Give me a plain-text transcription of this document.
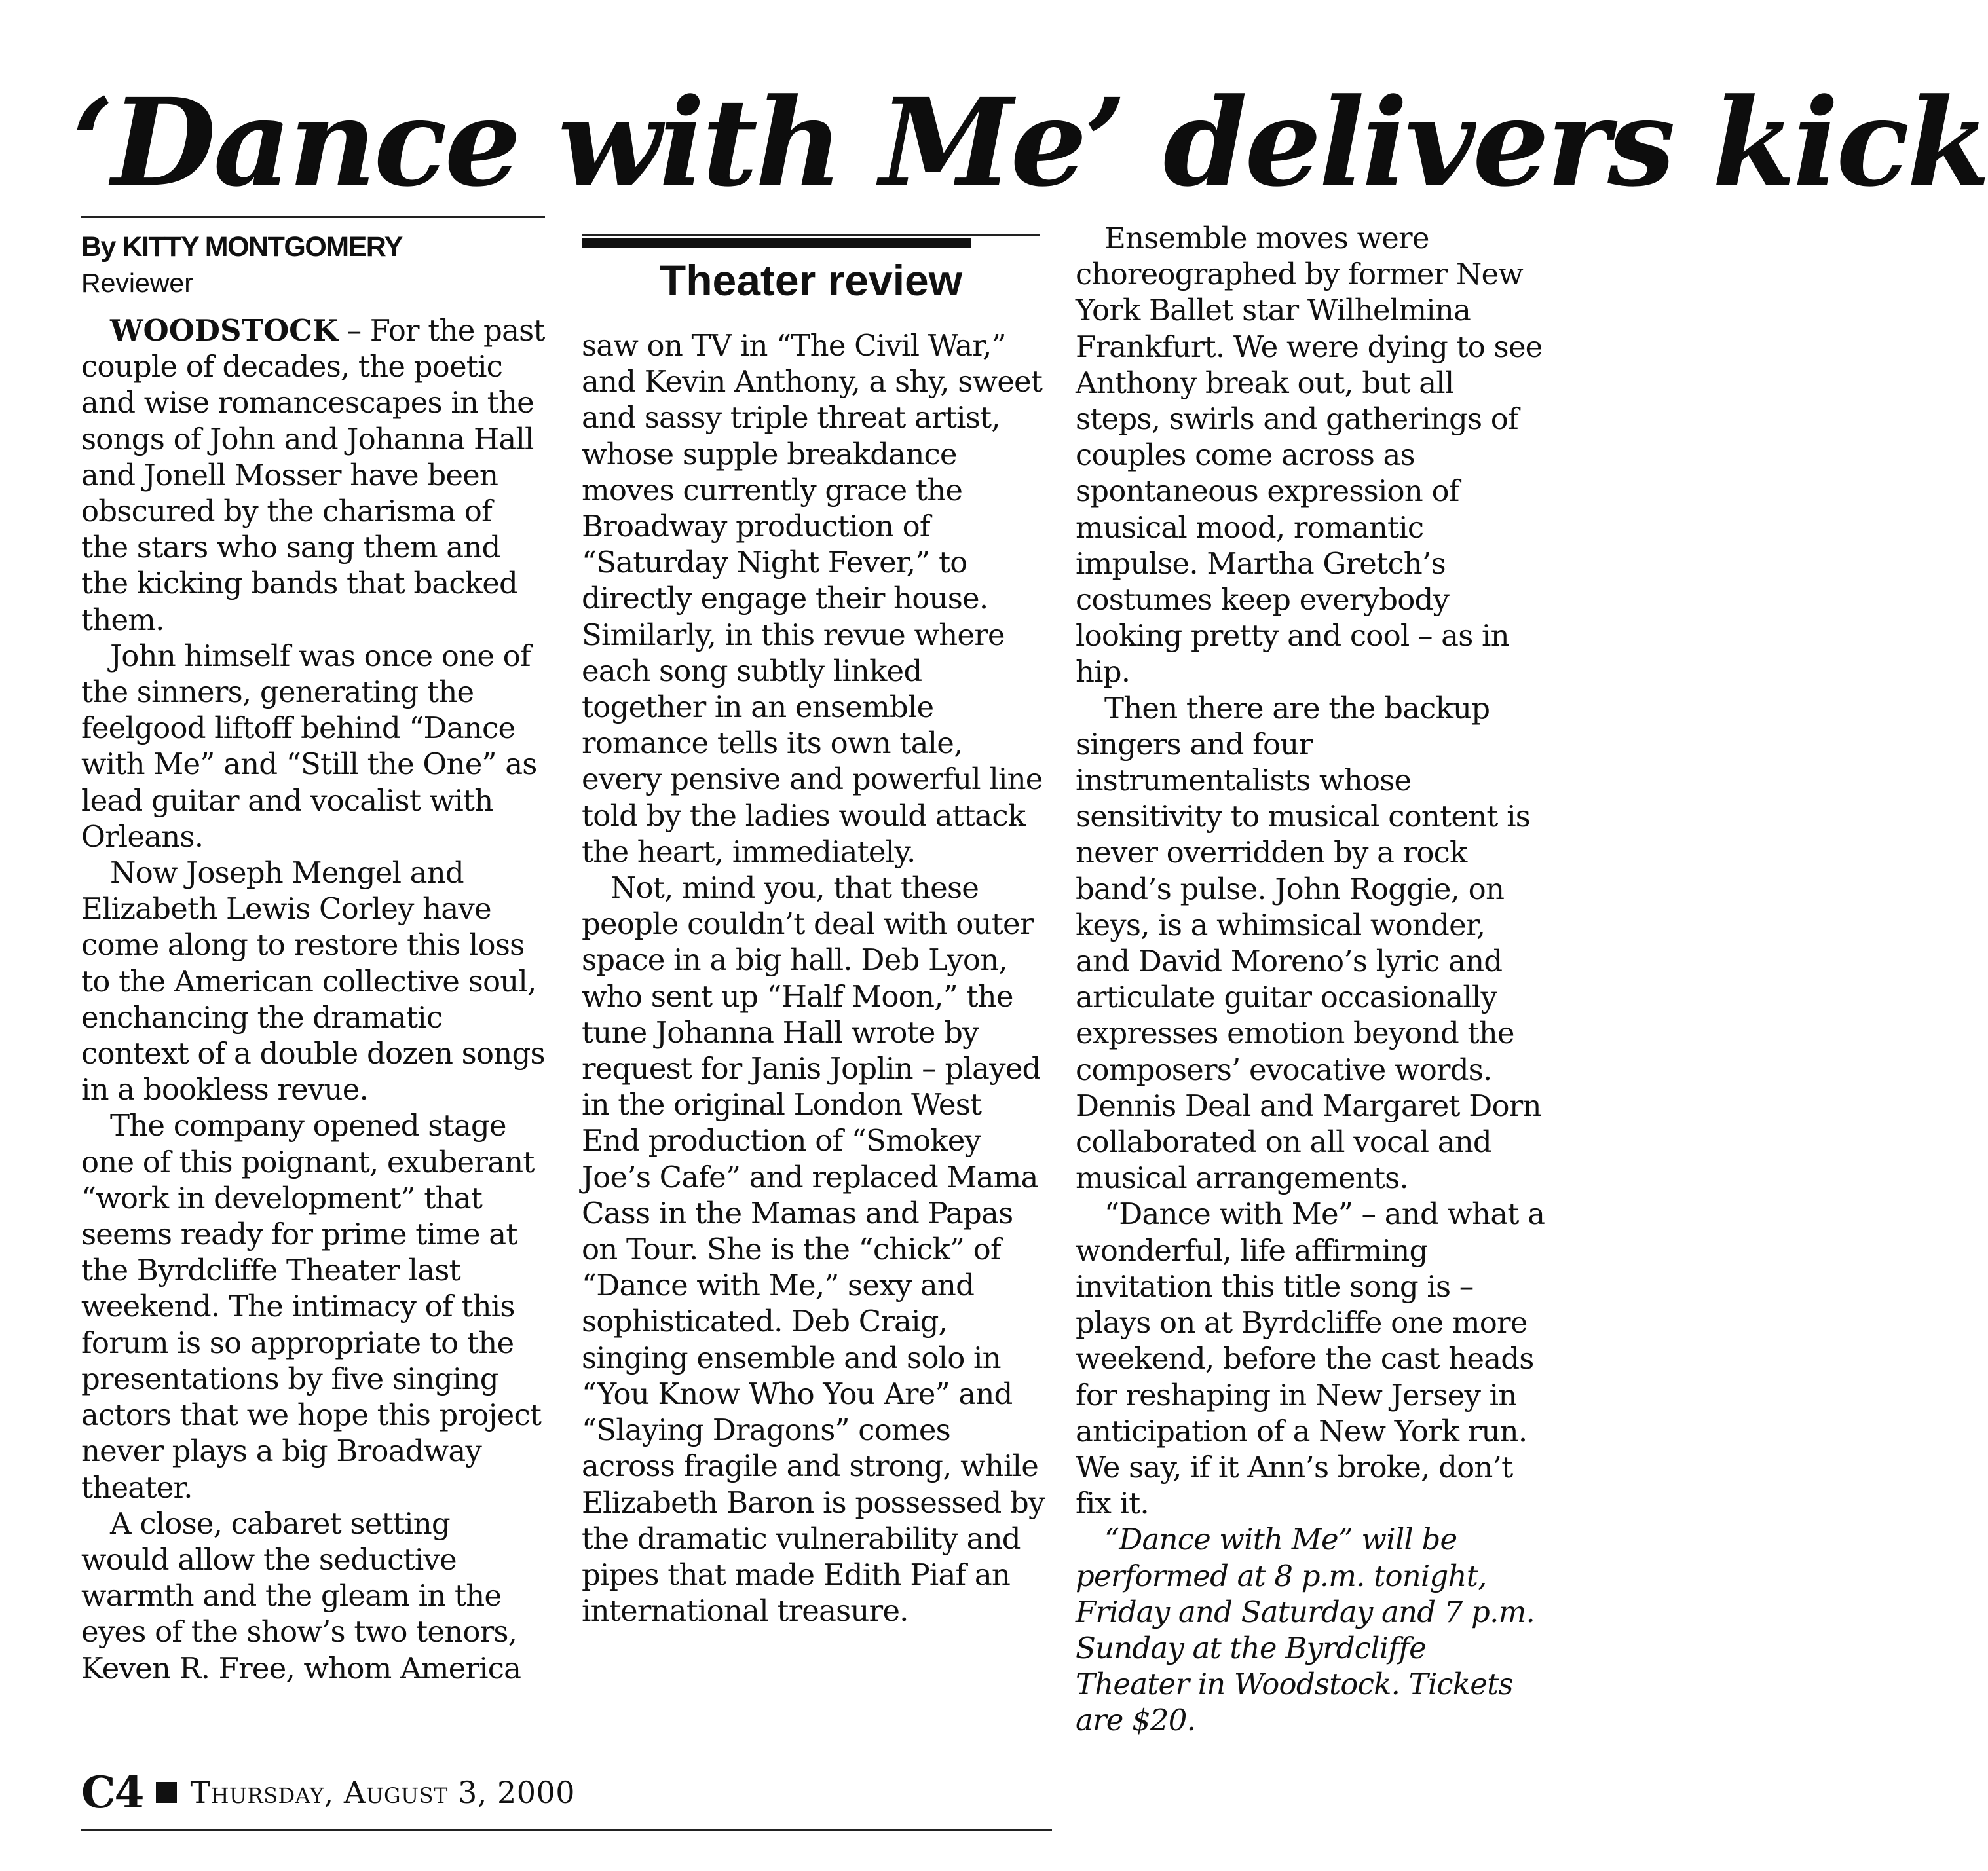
‘Dance with Me’ delivers kick
By KITTY MONTGOMERY
Reviewer

WOODSTOCK – For the past couple of decades, the poetic and wise romancescapes in the songs of John and Johanna Hall and Jonell Mosser have been obscured by the charisma of the stars who sang them and the kicking bands that backed them.

John himself was once one of the sinners, generating the feelgood liftoff behind “Dance with Me” and “Still the One” as lead guitar and vocalist with Orleans.

Now Joseph Mengel and Elizabeth Lewis Corley have come along to restore this loss to the American collective soul, enchancing the dramatic context of a double dozen songs in a bookless revue.

The company opened stage one of this poignant, exuberant “work in development” that seems ready for prime time at the Byrdcliffe Theater last weekend. The intimacy of this forum is so appropriate to the presentations by five singing actors that we hope this project never plays a big Broadway theater.

A close, cabaret setting would allow the seductive warmth and the gleam in the eyes of the show’s two tenors, Keven R. Free, whom America

Theater review

saw on TV in “The Civil War,” and Kevin Anthony, a shy, sweet and sassy triple threat artist, whose supple breakdance moves currently grace the Broadway production of “Saturday Night Fever,” to directly engage their house. Similarly, in this revue where each song subtly linked together in an ensemble romance tells its own tale, every pensive and powerful line told by the ladies would attack the heart, immediately.

Not, mind you, that these people couldn’t deal with outer space in a big hall. Deb Lyon, who sent up “Half Moon,” the tune Johanna Hall wrote by request for Janis Joplin – played in the original London West End production of “Smokey Joe’s Cafe” and replaced Mama Cass in the Mamas and Papas on Tour. She is the “chick” of “Dance with Me,” sexy and sophisticated. Deb Craig, singing ensemble and solo in “You Know Who You Are” and “Slaying Dragons” comes across fragile and strong, while Elizabeth Baron is possessed by the dramatic vulnerability and pipes that made Edith Piaf an international treasure.

Ensemble moves were choreographed by former New York Ballet star Wilhelmina Frankfurt. We were dying to see Anthony break out, but all steps, swirls and gatherings of couples come across as spontaneous expression of musical mood, romantic impulse. Martha Gretch’s costumes keep everybody looking pretty and cool – as in hip.

Then there are the backup singers and four instrumentalists whose sensitivity to musical content is never overridden by a rock band’s pulse. John Roggie, on keys, is a whimsical wonder, and David Moreno’s lyric and articulate guitar occasionally expresses emotion beyond the composers’ evocative words. Dennis Deal and Margaret Dorn collaborated on all vocal and musical arrangements.

“Dance with Me” – and what a wonderful, life affirming invitation this title song is – plays on at Byrdcliffe one more weekend, before the cast heads for reshaping in New Jersey in anticipation of a New York run. We say, if it Ann’s broke, don’t fix it.

“Dance with Me” will be performed at 8 p.m. tonight, Friday and Saturday and 7 p.m. Sunday at the Byrdcliffe Theater in Woodstock. Tickets are $20.

C4 Thursday, August 3, 2000
